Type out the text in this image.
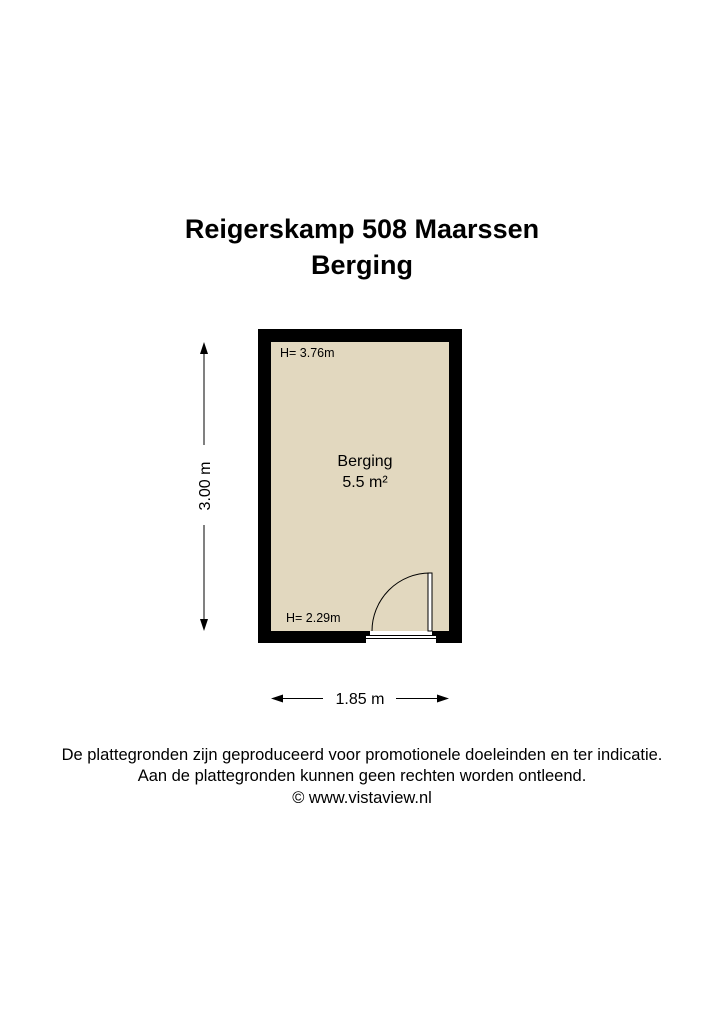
Reigerskamp 508 Maarssen
Berging
Berging
5.5 m²
H= 3.76m
H= 2.29m
3.00 m
1.85 m

De plattegronden zijn geproduceerd voor promotionele doeleinden en ter indicatie.

Aan de plattegronden kunnen geen rechten worden ontleend.

© www.vistaview.nl
